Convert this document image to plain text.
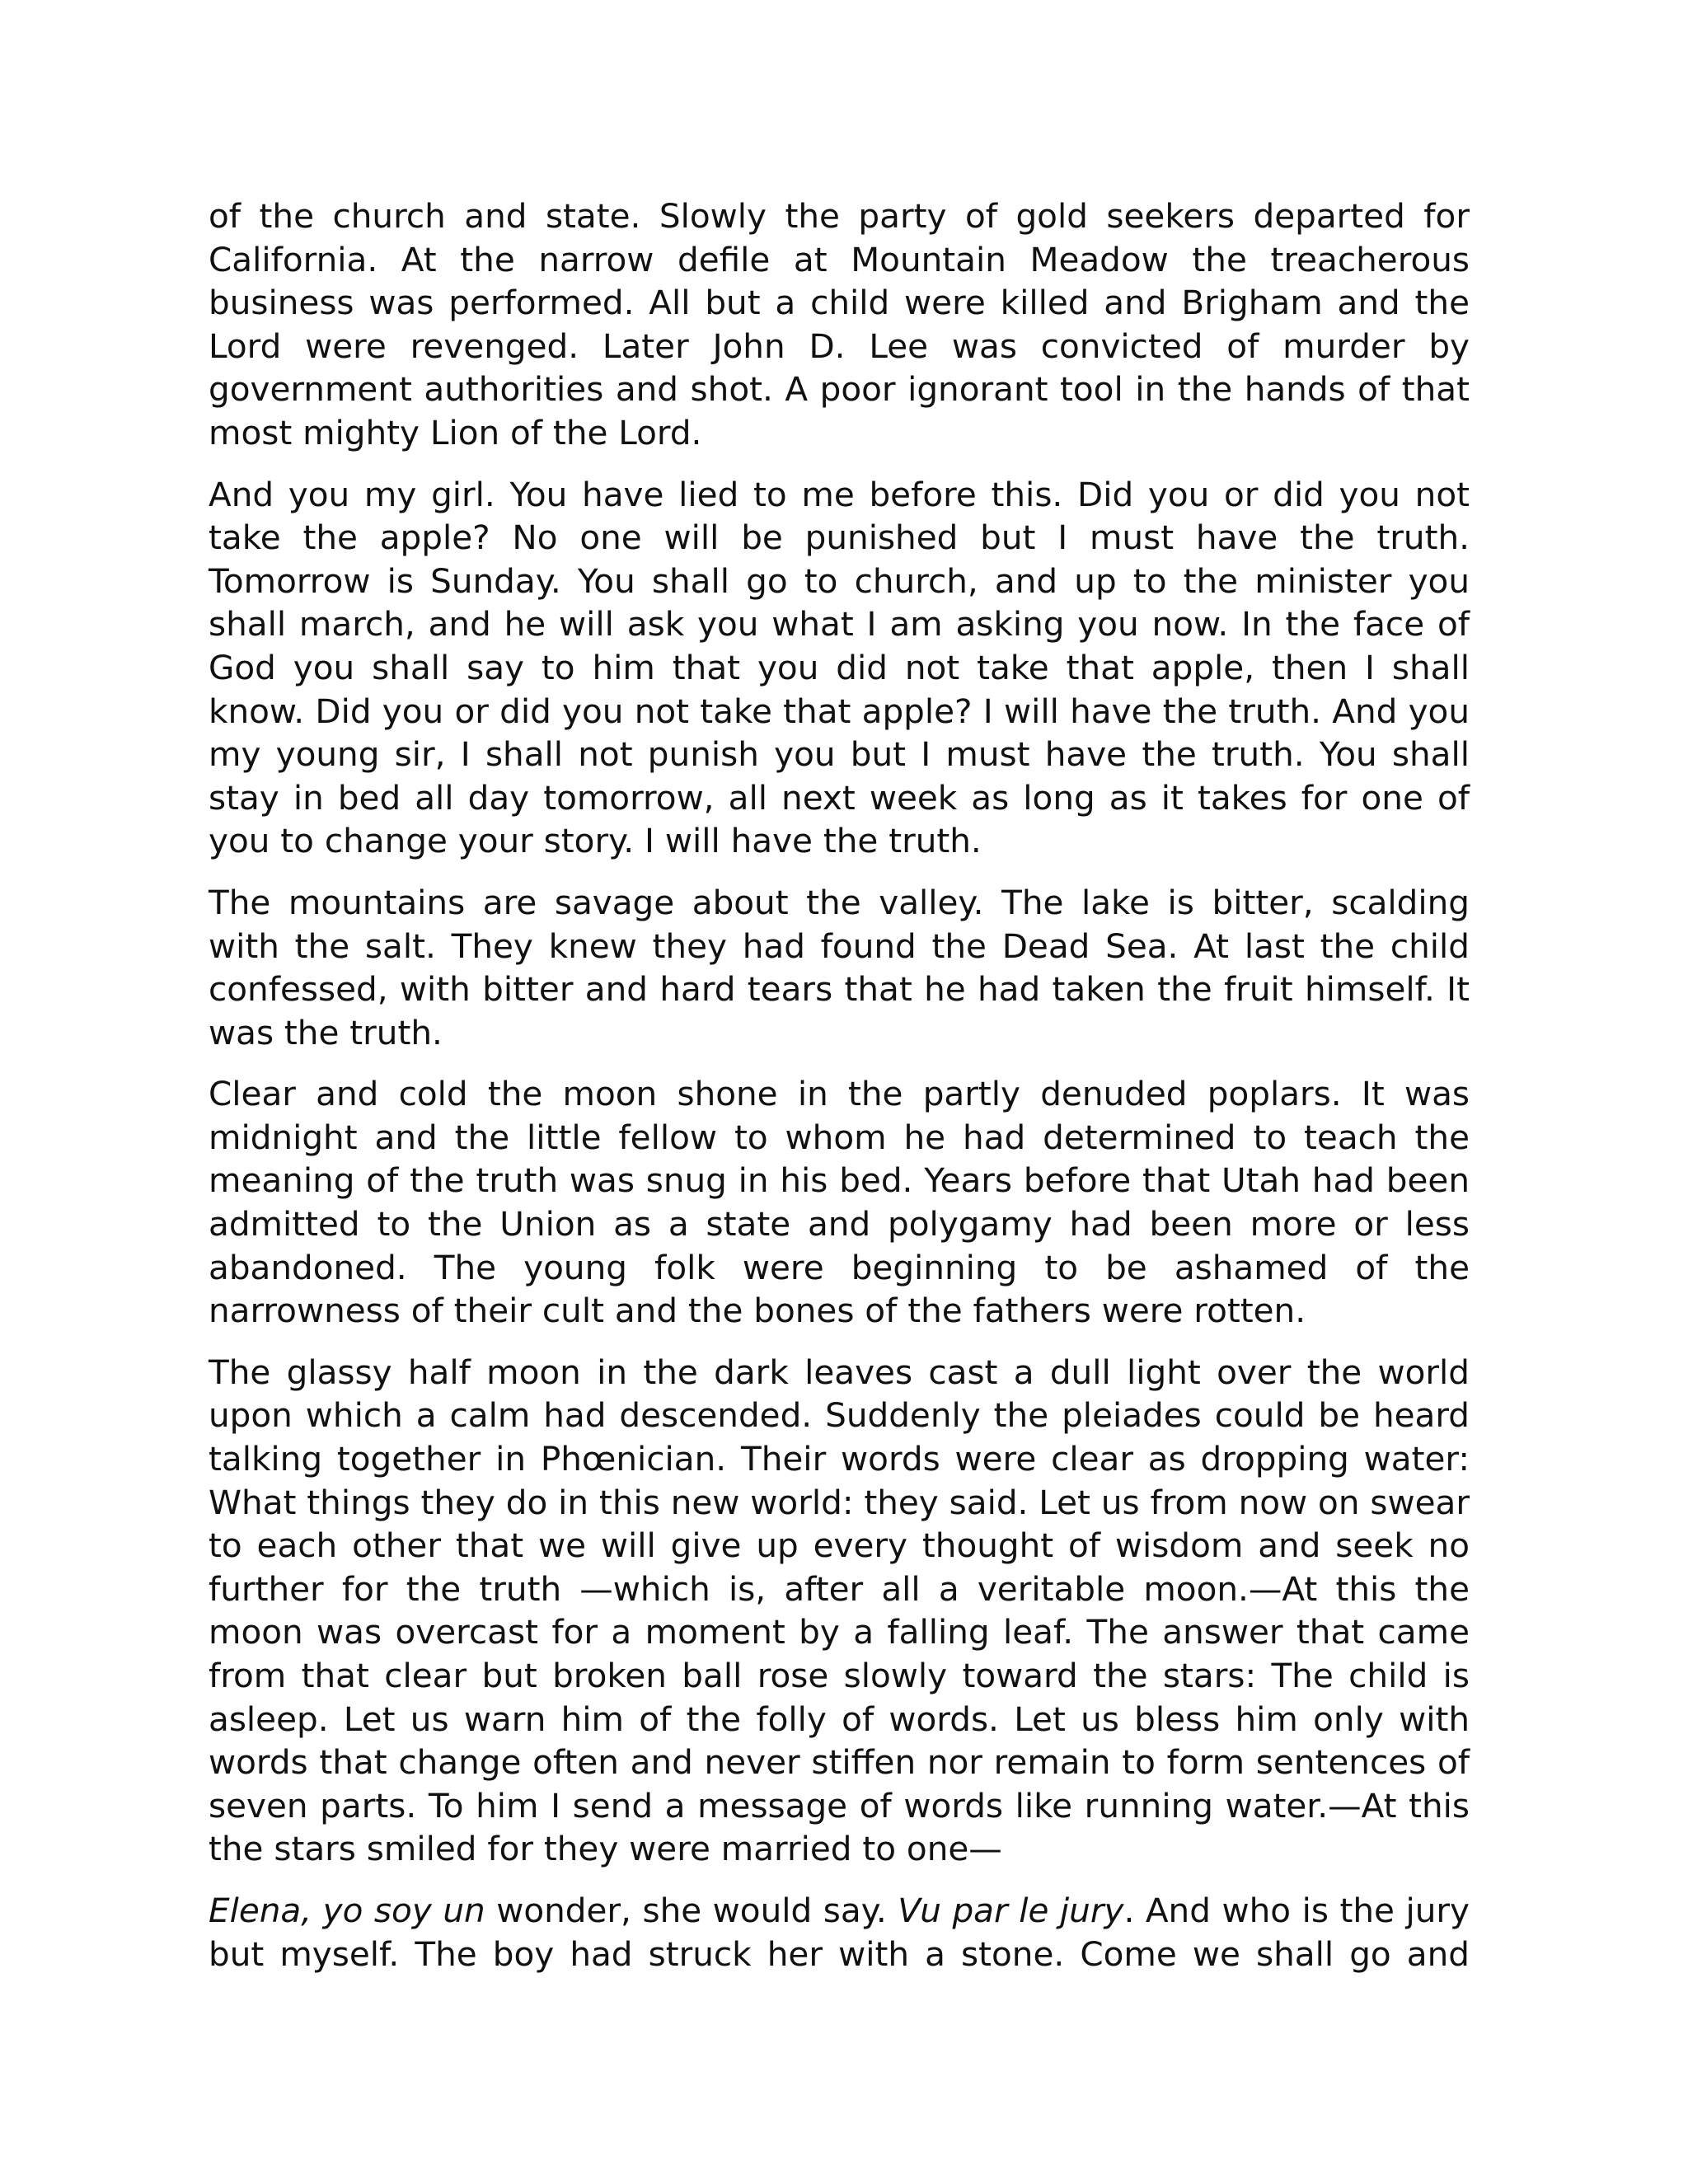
of the church and state. Slowly the party of gold seekers departed for California. At the narrow defile at Mountain Meadow the treacherous business was performed. All but a child were killed and Brigham and the Lord were revenged. Later John D. Lee was convicted of murder by government authorities and shot. A poor ignorant tool in the hands of that most mighty Lion of the Lord.

And you my girl. You have lied to me before this. Did you or did you not take the apple? No one will be punished but I must have the truth. Tomorrow is Sunday. You shall go to church, and up to the minister you shall march, and he will ask you what I am asking you now. In the face of God you shall say to him that you did not take that apple, then I shall know. Did you or did you not take that apple? I will have the truth. And you my young sir, I shall not punish you but I must have the truth. You shall stay in bed all day tomorrow, all next week as long as it takes for one of you to change your story. I will have the truth.

The mountains are savage about the valley. The lake is bitter, scalding with the salt. They knew they had found the Dead Sea. At last the child confessed, with bitter and hard tears that he had taken the fruit himself. It was the truth.

Clear and cold the moon shone in the partly denuded poplars. It was midnight and the little fellow to whom he had determined to teach the meaning of the truth was snug in his bed. Years before that Utah had been admitted to the Union as a state and polygamy had been more or less abandoned. The young folk were beginning to be ashamed of the narrowness of their cult and the bones of the fathers were rotten.

The glassy half moon in the dark leaves cast a dull light over the world upon which a calm had descended. Suddenly the pleiades could be heard talking together in Phœnician. Their words were clear as dropping water: What things they do in this new world: they said. Let us from now on swear to each other that we will give up every thought of wisdom and seek no further for the truth —which is, after all a veritable moon.—At this the moon was overcast for a moment by a falling leaf. The answer that came from that clear but broken ball rose slowly toward the stars: The child is asleep. Let us warn him of the folly of words. Let us bless him only with words that change often and never stiffen nor remain to form sentences of seven parts. To him I send a message of words like running water.—At this the stars smiled for they were married to one—

Elena, yo soy un wonder, she would say. Vu par le jury. And who is the jury but myself. The boy had struck her with a stone. Come we shall go and
